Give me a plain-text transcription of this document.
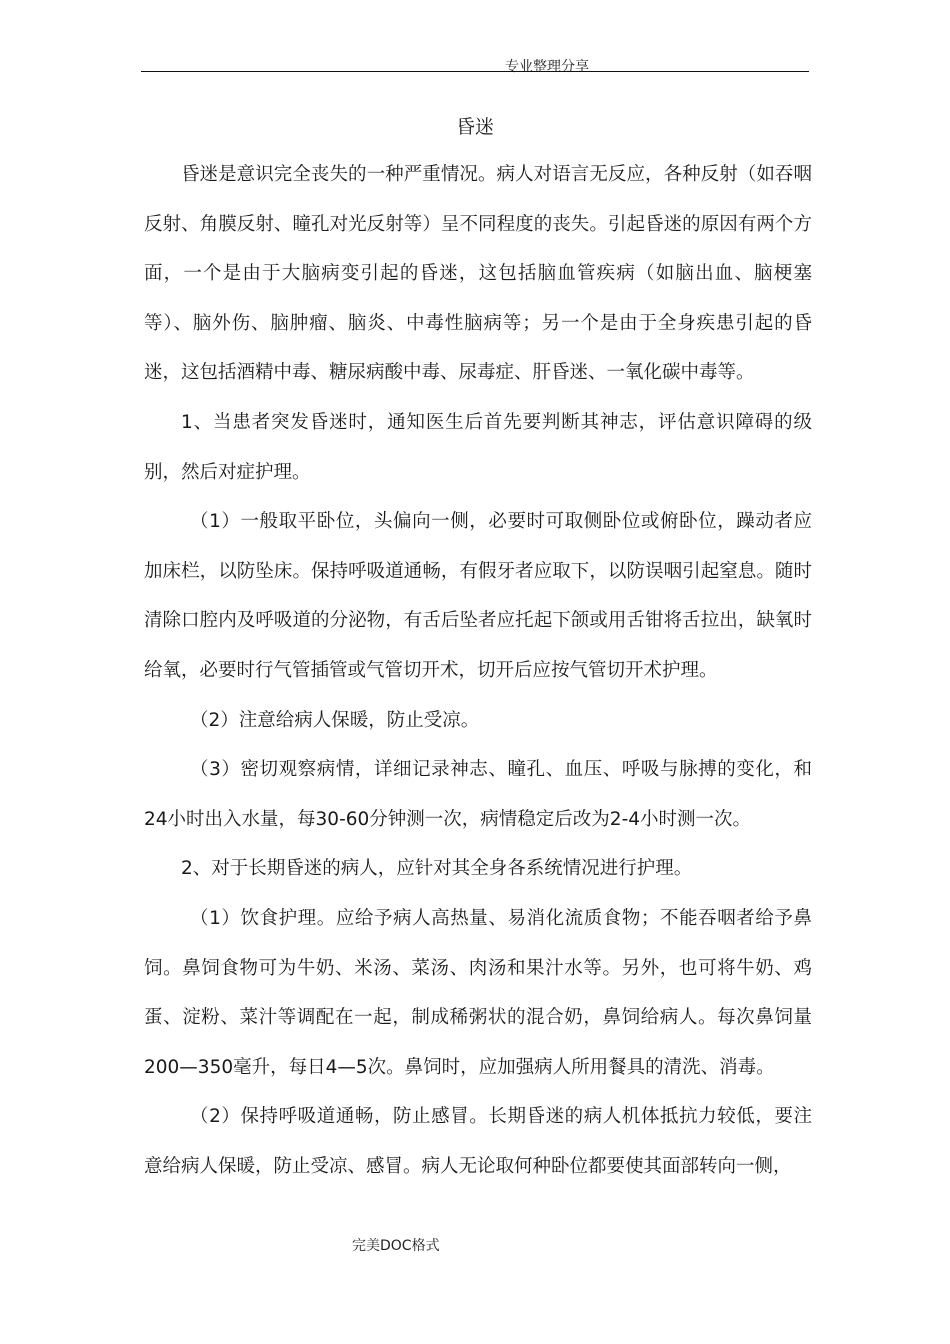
专业整理分享
昏迷

昏迷是意识完全丧失的一种严重情况。病人对语言无反应，各种反射（如吞咽反射、角膜反射、瞳孔对光反射等）呈不同程度的丧失。引起昏迷的原因有两个方面，一个是由于大脑病变引起的昏迷，这包括脑血管疾病（如脑出血、脑梗塞等）、脑外伤、脑肿瘤、脑炎、中毒性脑病等；另一个是由于全身疾患引起的昏迷，这包括酒精中毒、糖尿病酸中毒、尿毒症、肝昏迷、一氧化碳中毒等。

1、当患者突发昏迷时，通知医生后首先要判断其神志，评估意识障碍的级别，然后对症护理。

（1）一般取平卧位，头偏向一侧，必要时可取侧卧位或俯卧位，躁动者应加床栏，以防坠床。保持呼吸道通畅，有假牙者应取下，以防误咽引起窒息。随时清除口腔内及呼吸道的分泌物，有舌后坠者应托起下颌或用舌钳将舌拉出，缺氧时给氧，必要时行气管插管或气管切开术，切开后应按气管切开术护理。

（2）注意给病人保暖，防止受凉。

（3）密切观察病情，详细记录神志、瞳孔、血压、呼吸与脉搏的变化，和24小时出入水量，每30-60分钟测一次，病情稳定后改为2-4小时测一次。

2、对于长期昏迷的病人，应针对其全身各系统情况进行护理。

（1）饮食护理。应给予病人高热量、易消化流质食物；不能吞咽者给予鼻饲。鼻饲食物可为牛奶、米汤、菜汤、肉汤和果汁水等。另外，也可将牛奶、鸡蛋、淀粉、菜汁等调配在一起，制成稀粥状的混合奶，鼻饲给病人。每次鼻饲量200—350毫升，每日4—5次。鼻饲时，应加强病人所用餐具的清洗、消毒。

（2）保持呼吸道通畅，防止感冒。长期昏迷的病人机体抵抗力较低，要注意给病人保暖，防止受凉、感冒。病人无论取何种卧位都要使其面部转向一侧，

完美DOC格式
